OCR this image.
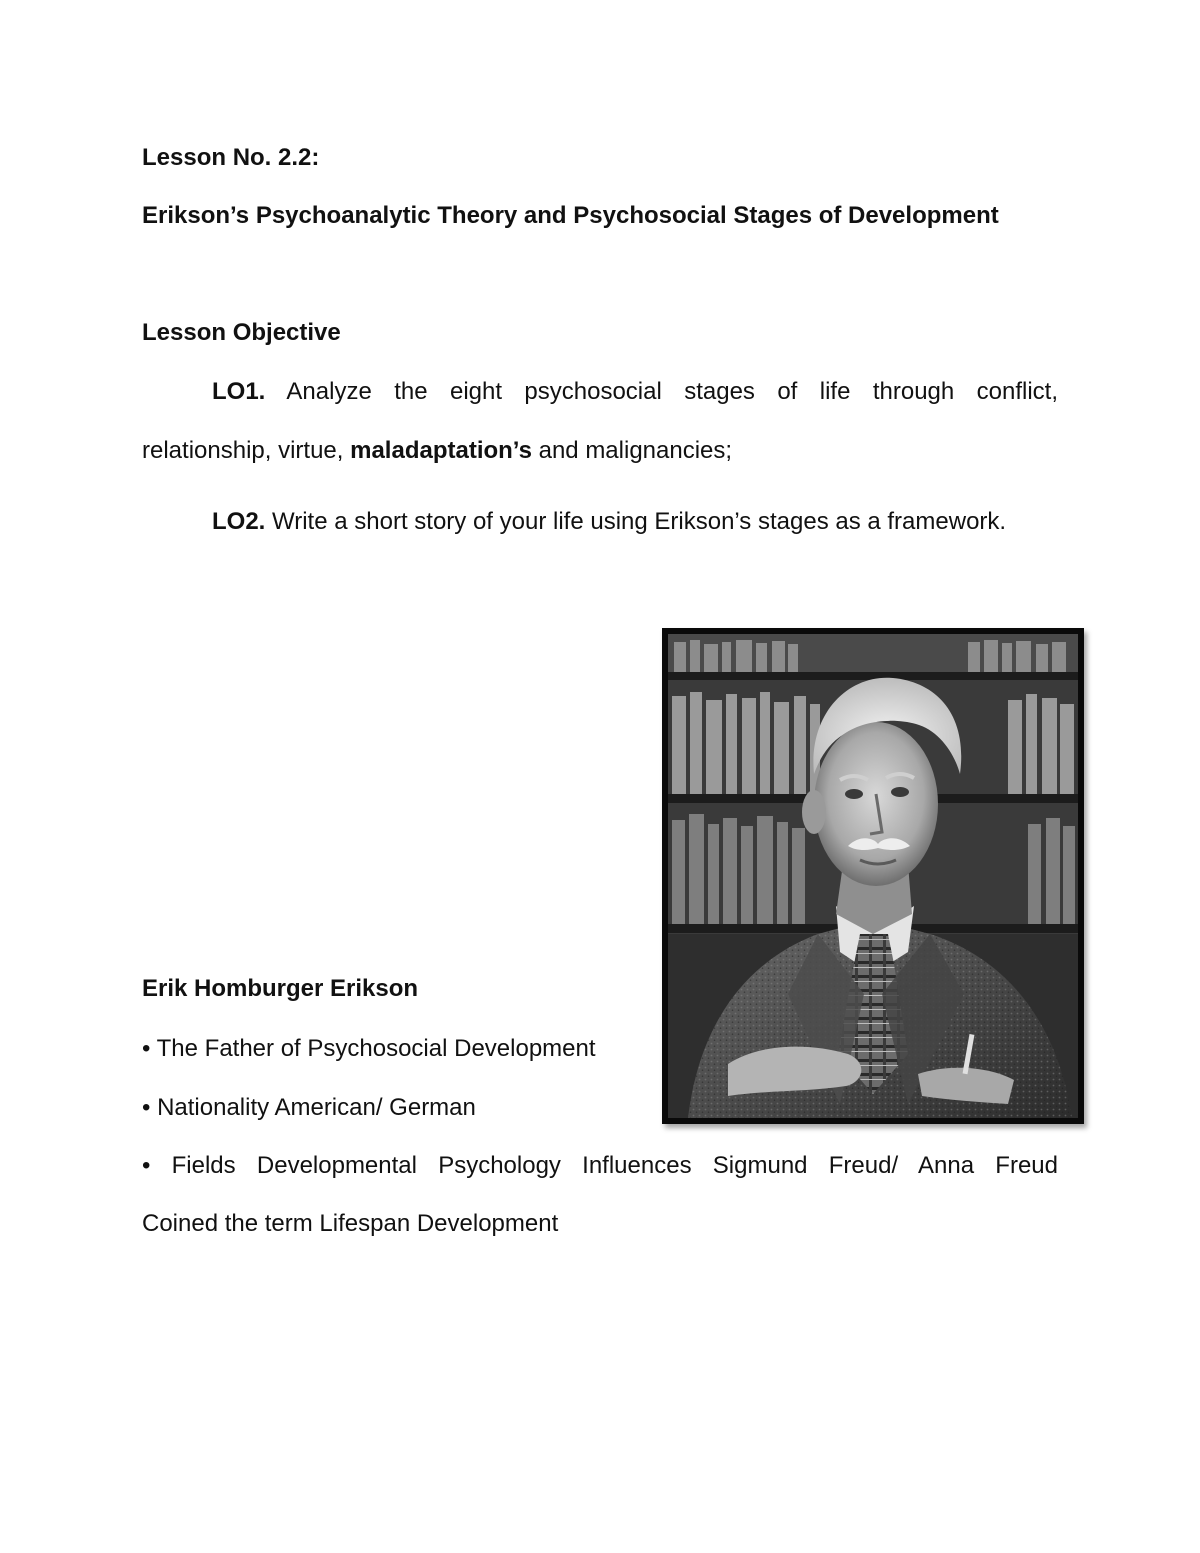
Lesson No. 2.2:
Erikson’s Psychoanalytic Theory and Psychosocial Stages of Development
Lesson Objective
LO1. Analyze the eight psychosocial stages of life through conflict,
relationship, virtue, maladaptation’s and malignancies;
LO2. Write a short story of your life using Erikson’s stages as a framework.
Erik Homburger Erikson
• The Father of Psychosocial Development
• Nationality American/ German
• Fields Developmental Psychology Influences Sigmund Freud/ Anna Freud
Coined the term Lifespan Development
